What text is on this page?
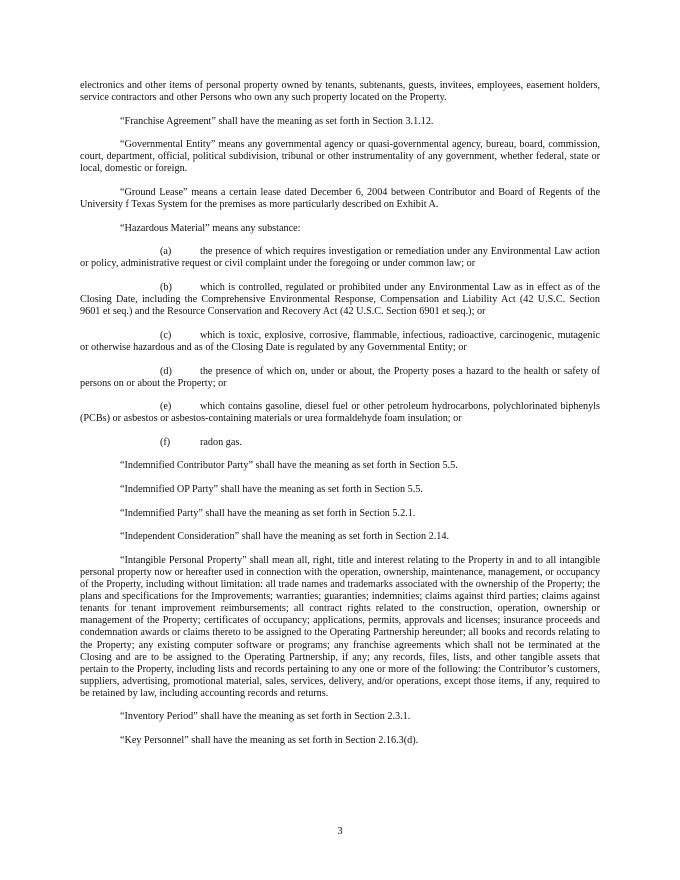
electronics and other items of personal property owned by tenants, subtenants, guests, invitees, employees, easement holders, service contractors and other Persons who own any such property located on the Property.

“Franchise Agreement” shall have the meaning as set forth in Section 3.1.12.

“Governmental Entity” means any governmental agency or quasi-governmental agency, bureau, board, commission, court, department, official, political subdivision, tribunal or other instrumentality of any government, whether federal, state or local, domestic or foreign.

“Ground Lease” means a certain lease dated December 6, 2004 between Contributor and Board of Regents of the University f Texas System for the premises as more particularly described on Exhibit A.

“Hazardous Material” means any substance:

(a)	the presence of which requires investigation or remediation under any Environmental Law action or policy, administrative request or civil complaint under the foregoing or under common law; or

(b)	which is controlled, regulated or prohibited under any Environmental Law as in effect as of the Closing Date, including the Comprehensive Environmental Response, Compensation and Liability Act (42 U.S.C. Section 9601 et seq.) and the Resource Conservation and Recovery Act (42 U.S.C. Section 6901 et seq.); or

(c)	which is toxic, explosive, corrosive, flammable, infectious, radioactive, carcinogenic, mutagenic or otherwise hazardous and as of the Closing Date is regulated by any Governmental Entity; or

(d)	the presence of which on, under or about, the Property poses a hazard to the health or safety of persons on or about the Property; or

(e)	which contains gasoline, diesel fuel or other petroleum hydrocarbons, polychlorinated biphenyls (PCBs) or asbestos or asbestos-containing materials or urea formaldehyde foam insulation; or

(f)	radon gas.

“Indemnified Contributor Party” shall have the meaning as set forth in Section 5.5.

“Indemnified OP Party” shall have the meaning as set forth in Section 5.5.

“Indemnified Party” shall have the meaning as set forth in Section 5.2.1.

“Independent Consideration” shall have the meaning as set forth in Section 2.14.

“Intangible Personal Property” shall mean all, right, title and interest relating to the Property in and to all intangible personal property now or hereafter used in connection with the operation, ownership, maintenance, management, or occupancy of the Property, including without limitation: all trade names and trademarks associated with the ownership of the Property; the plans and specifications for the Improvements; warranties; guaranties; indemnities; claims against third parties; claims against tenants for tenant improvement reimbursements; all contract rights related to the construction, operation, ownership or management of the Property; certificates of occupancy; applications, permits, approvals and licenses; insurance proceeds and condemnation awards or claims thereto to be assigned to the Operating Partnership hereunder; all books and records relating to the Property; any existing computer software or programs; any franchise agreements which shall not be terminated at the Closing and are to be assigned to the Operating Partnership, if any; any records, files, lists, and other tangible assets that pertain to the Property, including lists and records pertaining to any one or more of the following: the Contributor’s customers, suppliers, advertising, promotional material, sales, services, delivery, and/or operations, except those items, if any, required to be retained by law, including accounting records and returns.

“Inventory Period” shall have the meaning as set forth in Section 2.3.1.

“Key Personnel” shall have the meaning as set forth in Section 2.16.3(d).

3
